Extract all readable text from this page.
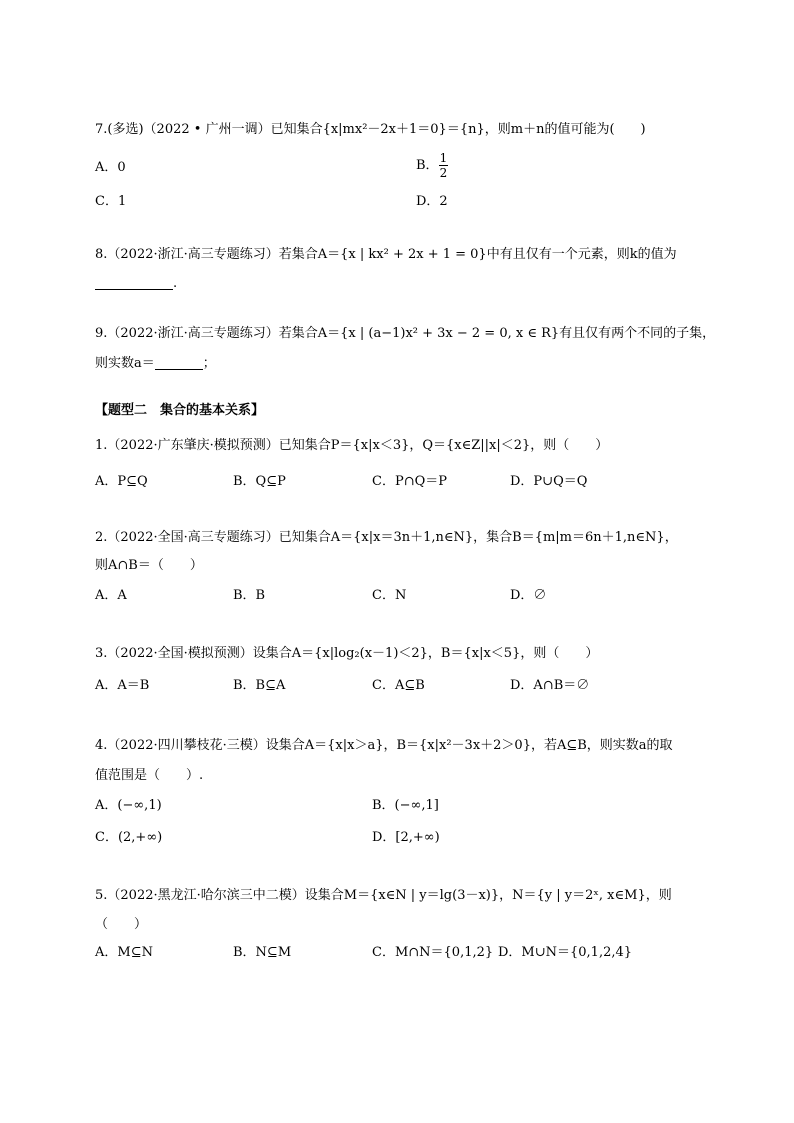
7.(多选)（2022 • 广州一调）已知集合{x|mx²－2x＋1＝0}＝{n}，则m＋n的值可能为(　　)
A．0	B． $\frac{1}{2}$
C．1	D．2
8.（2022·浙江·高三专题练习）若集合A＝{x | kx² + 2x + 1 = 0}中有且仅有一个元素，则k的值为
.
9.（2022·浙江·高三专题练习）若集合A＝{x | (a−1)x² + 3x − 2 = 0, x ∈ R}有且仅有两个不同的子集，
则实数a＝	；
【题型二　集合的基本关系】
1.（2022·广东肇庆·模拟预测）已知集合P＝{x|x＜3}，Q＝{x∈Z||x|＜2}，则（　　）
A．P⊆Q	B．Q⊆P	C．P∩Q＝P	D．P∪Q＝Q
2.（2022·全国·高三专题练习）已知集合A＝{x|x＝3n＋1,n∈N}，集合B＝{m|m＝6n＋1,n∈N}，
则A∩B＝（　　）
A．A	B．B	C．N	D．∅
3.（2022·全国·模拟预测）设集合A＝{x|log₂(x－1)＜2}，B＝{x|x＜5}，则（　　）
A．A＝B	B．B⊆A	C．A⊆B	D．A∩B＝∅
4.（2022·四川攀枝花·三模）设集合A＝{x|x＞a}，B＝{x|x²－3x＋2＞0}，若A⊆B，则实数a的取
值范围是（　　）.
A．(−∞,1)	B．(−∞,1]
C．(2,+∞)	D．[2,+∞)
5.（2022·黑龙江·哈尔滨三中二模）设集合M＝{x∈N | y＝lg(3－x)}，N＝{y | y＝2ˣ, x∈M}，则
（　　）
A．M⊆N	B．N⊆M	C．M∩N＝{0,1,2} D．M∪N＝{0,1,2,4}
